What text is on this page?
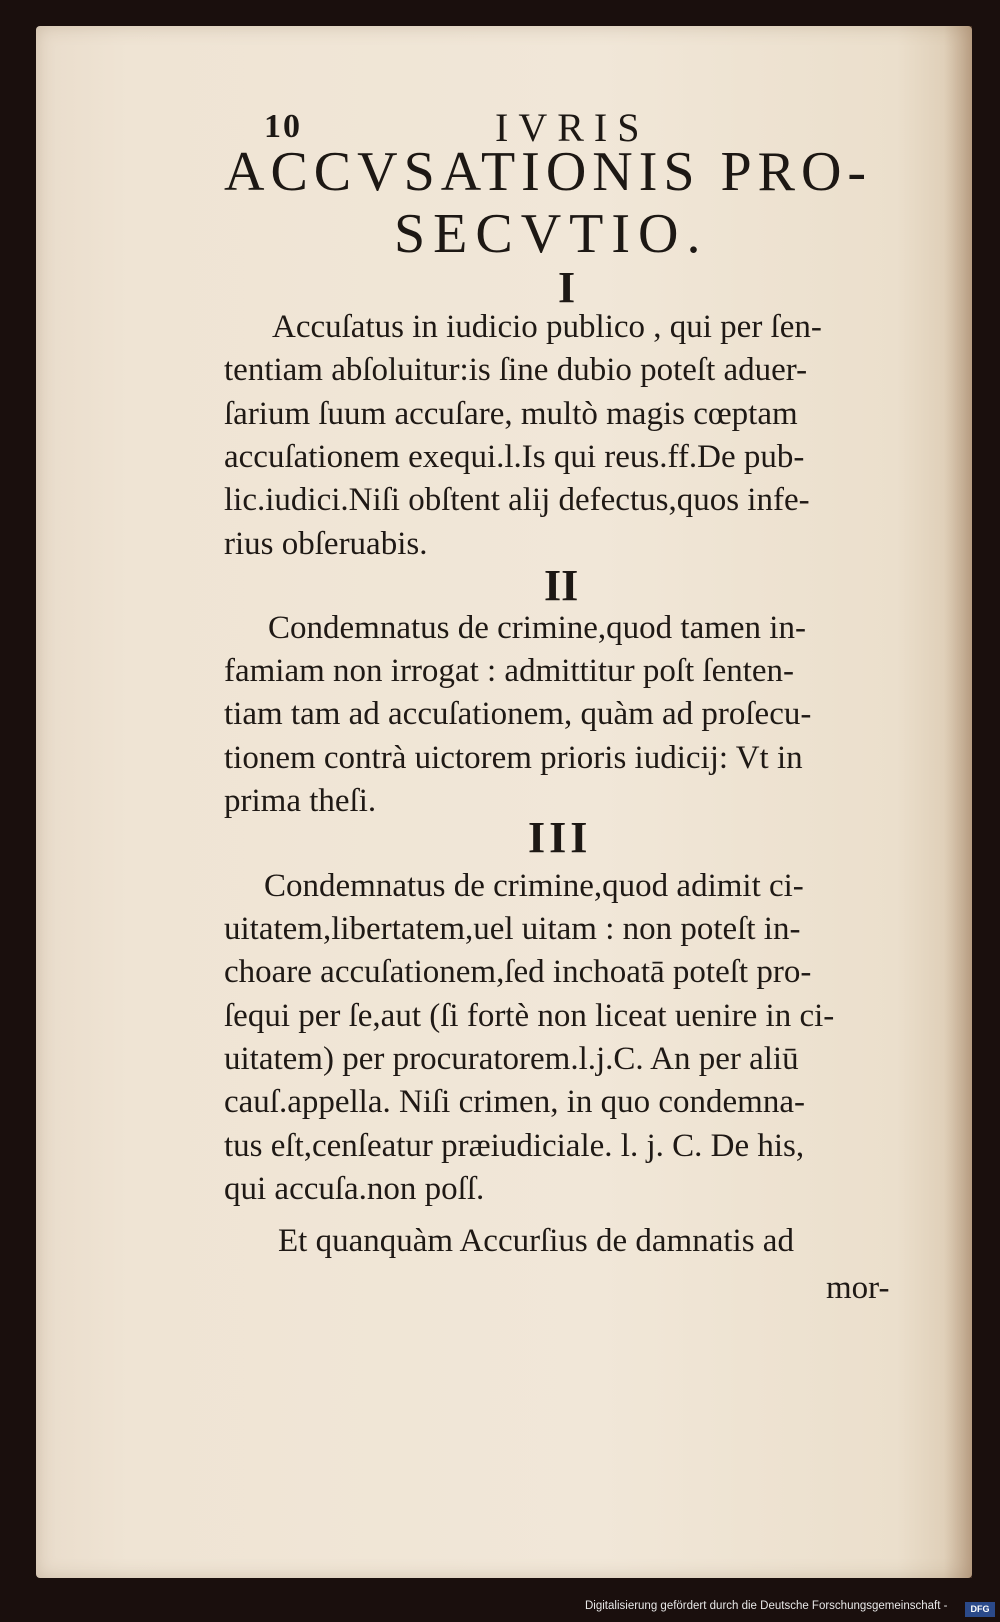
10	IVRIS
ACCVSATIONIS PRO-
SECVTIO.
I
Accuſatus in iudicio publico , qui per ſen-
tentiam abſoluitur:is ſine dubio poteſt aduer-
ſarium ſuum accuſare, multò magis cœptam
accuſationem exequi.l.Is qui reus.ff.De pub-
lic.iudici.Niſi obſtent alij defectus,quos infe-
rius obſeruabis.
II
Condemnatus de crimine,quod tamen in-
famiam non irrogat : admittitur poſt ſenten-
tiam tam ad accuſationem, quàm ad proſecu-
tionem contrà uictorem prioris iudicij: Vt in
prima theſi.
III
Condemnatus de crimine,quod adimit ci-
uitatem,libertatem,uel uitam : non poteſt in-
choare accuſationem,ſed inchoatā poteſt pro-
ſequi per ſe,aut (ſi fortè non liceat uenire in ci-
uitatem) per procuratorem.l.j.C. An per aliū
cauſ.appella. Niſi crimen, in quo condemna-
tus eſt,cenſeatur præiudiciale. l. j. C. De his,
qui accuſa.non poſſ.
Et quanquàm Accurſius de damnatis ad
mor-
Digitalisierung gefördert durch die Deutsche Forschungsgemeinschaft -	DFG
